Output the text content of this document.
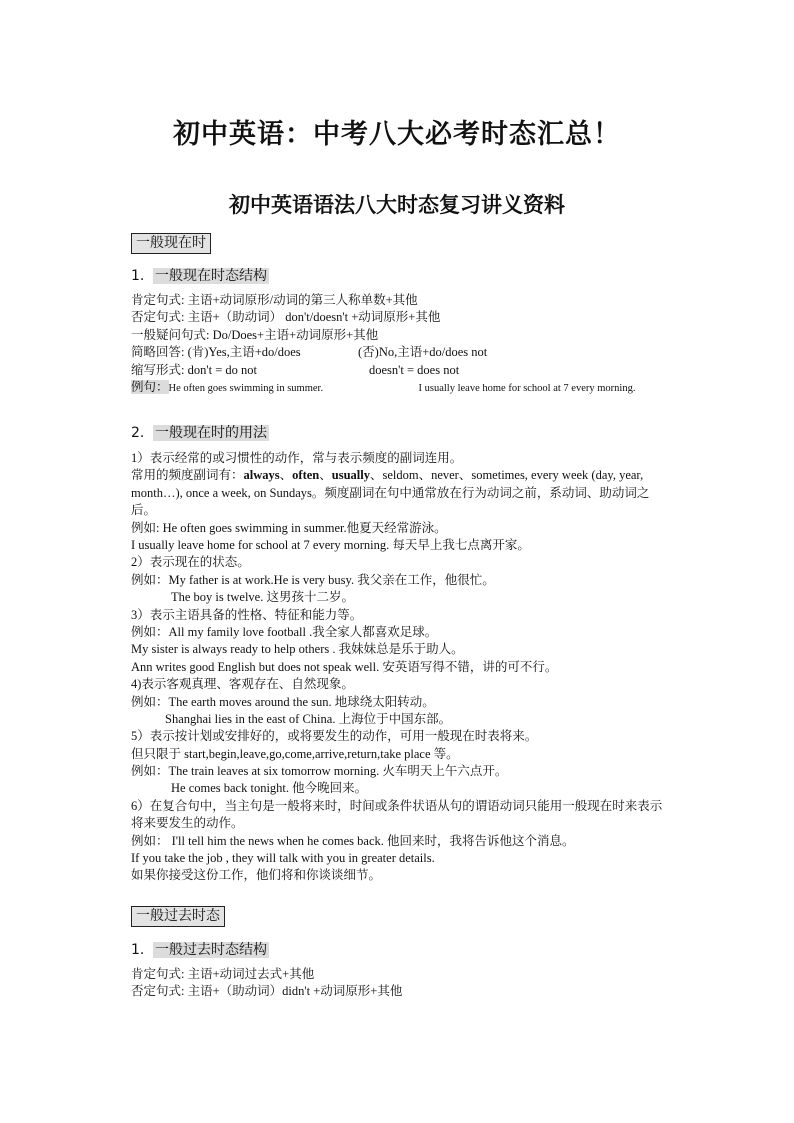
初中英语：中考八大必考时态汇总！
初中英语语法八大时态复习讲义资料
一般现在时
1. 一般现在时态结构
肯定句式: 主语+动词原形/动词的第三人称单数+其他
否定句式: 主语+（助动词） don't/doesn't +动词原形+其他
一般疑问句式: Do/Does+主语+动词原形+其他
简略回答: (肯)Yes,主语+do/does	(否)No,主语+do/does not
缩写形式: don't = do not	doesn't = does not
例句：He often goes swimming in summer.	I usually leave home for school at 7 every morning.
2. 一般现在时的用法
1）表示经常的或习惯性的动作，常与表示频度的副词连用。
常用的频度副词有：always、often、usually、seldom、never、sometimes, every week (day, year, month…), once a week, on Sundays。频度副词在句中通常放在行为动词之前，系动词、助动词之后。
例如: He often goes swimming in summer.他夏天经常游泳。
I usually leave home for school at 7 every morning. 每天早上我七点离开家。
2）表示现在的状态。
例如：My father is at work.He is very busy. 我父亲在工作，他很忙。
The boy is twelve. 这男孩十二岁。
3）表示主语具备的性格、特征和能力等。
例如：All my family love football .我全家人都喜欢足球。
My sister is always ready to help others . 我妹妹总是乐于助人。
Ann writes good English but does not speak well. 安英语写得不错，讲的可不行。
4)表示客观真理、客观存在、自然现象。
例如：The earth moves around the sun. 地球绕太阳转动。
Shanghai lies in the east of China. 上海位于中国东部。
5）表示按计划或安排好的，或将要发生的动作，可用一般现在时表将来。
但只限于 start,begin,leave,go,come,arrive,return,take place 等。
例如：The train leaves at six tomorrow morning. 火车明天上午六点开。
He comes back tonight. 他今晚回来。
6）在复合句中，当主句是一般将来时，时间或条件状语从句的谓语动词只能用一般现在时来表示将来要发生的动作。
例如： I'll tell him the news when he comes back. 他回来时，我将告诉他这个消息。
If you take the job , they will talk with you in greater details.
如果你接受这份工作，他们将和你谈谈细节。
一般过去时态
1. 一般过去时态结构
肯定句式: 主语+动词过去式+其他
否定句式: 主语+（助动词）didn't +动词原形+其他
